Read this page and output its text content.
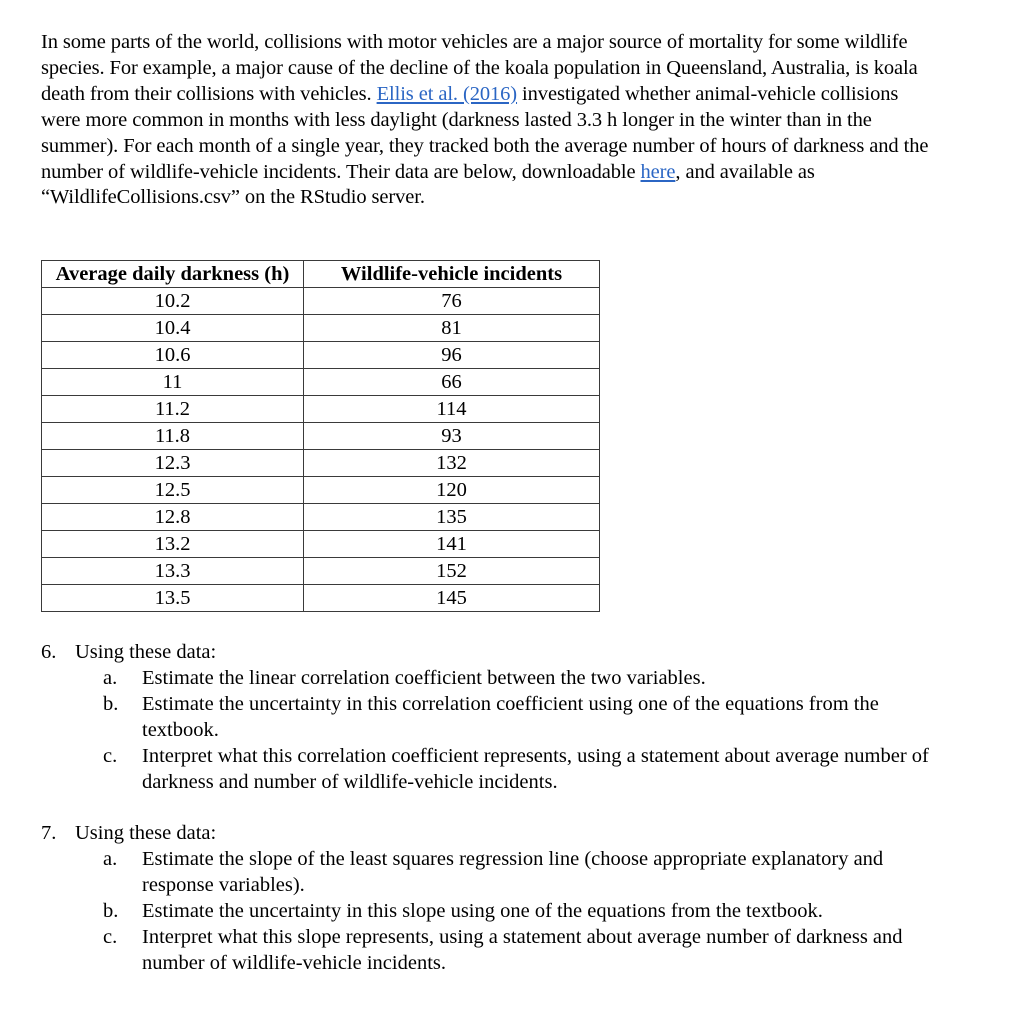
In some parts of the world, collisions with motor vehicles are a major source of mortality for some wildlife species. For example, a major cause of the decline of the koala population in Queensland, Australia, is koala death from their collisions with vehicles. Ellis et al. (2016) investigated whether animal-vehicle collisions were more common in months with less daylight (darkness lasted 3.3 h longer in the winter than in the summer). For each month of a single year, they tracked both the average number of hours of darkness and the number of wildlife-vehicle incidents. Their data are below, downloadable here, and available as “WildlifeCollisions.csv” on the RStudio server.

Average daily darkness (h)	Wildlife-vehicle incidents
10.2	76
10.4	81
10.6	96
11	66
11.2	114
11.8	93
12.3	132
12.5	120
12.8	135
13.2	141
13.3	152
13.5	145
6. Using these data:
a.	Estimate the linear correlation coefficient between the two variables.
b.	Estimate the uncertainty in this correlation coefficient using one of the equations from the textbook.
c.	Interpret what this correlation coefficient represents, using a statement about average number of darkness and number of wildlife-vehicle incidents.
7. Using these data:
a.	Estimate the slope of the least squares regression line (choose appropriate explanatory and response variables).
b.	Estimate the uncertainty in this slope using one of the equations from the textbook.
c.	Interpret what this slope represents, using a statement about average number of darkness and number of wildlife-vehicle incidents.
